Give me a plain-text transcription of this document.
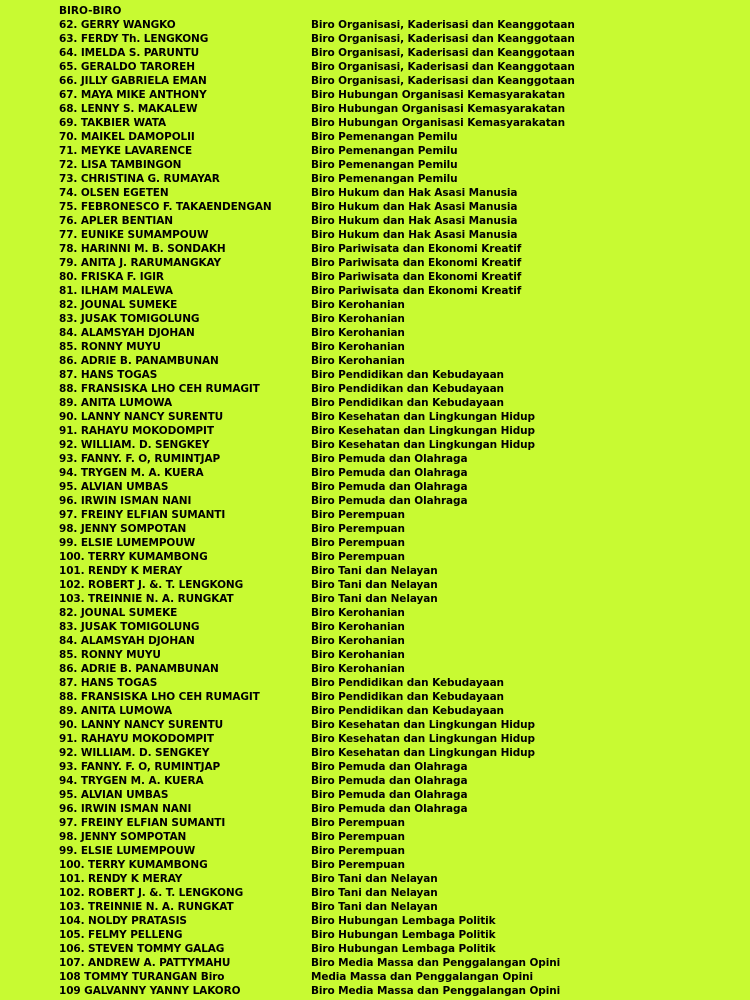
BIRO-BIRO
62. GERRY WANGKO	Biro Organisasi, Kaderisasi dan Keanggotaan
63. FERDY Th. LENGKONG	Biro Organisasi, Kaderisasi dan Keanggotaan
64. IMELDA S. PARUNTU	Biro Organisasi, Kaderisasi dan Keanggotaan
65. GERALDO TAROREH	Biro Organisasi, Kaderisasi dan Keanggotaan
66. JILLY GABRIELA EMAN	Biro Organisasi, Kaderisasi dan Keanggotaan
67. MAYA MIKE ANTHONY	Biro Hubungan Organisasi Kemasyarakatan
68. LENNY S. MAKALEW	Biro Hubungan Organisasi Kemasyarakatan
69. TAKBIER WATA	Biro Hubungan Organisasi Kemasyarakatan
70. MAIKEL DAMOPOLII	Biro Pemenangan Pemilu
71. MEYKE LAVARENCE	Biro Pemenangan Pemilu
72. LISA TAMBINGON	Biro Pemenangan Pemilu
73. CHRISTINA G. RUMAYAR	Biro Pemenangan Pemilu
74. OLSEN EGETEN	Biro Hukum dan Hak Asasi Manusia
75. FEBRONESCO F. TAKAENDENGAN	Biro Hukum dan Hak Asasi Manusia
76. APLER BENTIAN	Biro Hukum dan Hak Asasi Manusia
77. EUNIKE SUMAMPOUW	Biro Hukum dan Hak Asasi Manusia
78. HARINNI M. B. SONDAKH	Biro Pariwisata dan Ekonomi Kreatif
79. ANITA J. RARUMANGKAY	Biro Pariwisata dan Ekonomi Kreatif
80. FRISKA F. IGIR	Biro Pariwisata dan Ekonomi Kreatif
81. ILHAM MALEWA	Biro Pariwisata dan Ekonomi Kreatif
82. JOUNAL SUMEKE	Biro Kerohanian
83. JUSAK TOMIGOLUNG	Biro Kerohanian
84. ALAMSYAH DJOHAN	Biro Kerohanian
85. RONNY MUYU	Biro Kerohanian
86. ADRIE B. PANAMBUNAN	Biro Kerohanian
87. HANS TOGAS	Biro Pendidikan dan Kebudayaan
88. FRANSISKA LHO CEH RUMAGIT	Biro Pendidikan dan Kebudayaan
89. ANITA LUMOWA	Biro Pendidikan dan Kebudayaan
90. LANNY NANCY SURENTU	Biro Kesehatan dan Lingkungan Hidup
91. RAHAYU MOKODOMPIT	Biro Kesehatan dan Lingkungan Hidup
92. WILLIAM. D. SENGKEY	Biro Kesehatan dan Lingkungan Hidup
93. FANNY. F. O, RUMINTJAP	Biro Pemuda dan Olahraga
94. TRYGEN M. A. KUERA	Biro Pemuda dan Olahraga
95. ALVIAN UMBAS	Biro Pemuda dan Olahraga
96. IRWIN ISMAN NANI	Biro Pemuda dan Olahraga
97. FREINY ELFIAN SUMANTI	Biro Perempuan
98. JENNY SOMPOTAN	Biro Perempuan
99. ELSIE LUMEMPOUW	Biro Perempuan
100. TERRY KUMAMBONG	Biro Perempuan
101. RENDY K MERAY	Biro Tani dan Nelayan
102. ROBERT J. &. T. LENGKONG	Biro Tani dan Nelayan
103. TREINNIE N. A. RUNGKAT	Biro Tani dan Nelayan
82. JOUNAL SUMEKE	Biro Kerohanian
83. JUSAK TOMIGOLUNG	Biro Kerohanian
84. ALAMSYAH DJOHAN	Biro Kerohanian
85. RONNY MUYU	Biro Kerohanian
86. ADRIE B. PANAMBUNAN	Biro Kerohanian
87. HANS TOGAS	Biro Pendidikan dan Kebudayaan
88. FRANSISKA LHO CEH RUMAGIT	Biro Pendidikan dan Kebudayaan
89. ANITA LUMOWA	Biro Pendidikan dan Kebudayaan
90. LANNY NANCY SURENTU	Biro Kesehatan dan Lingkungan Hidup
91. RAHAYU MOKODOMPIT	Biro Kesehatan dan Lingkungan Hidup
92. WILLIAM. D. SENGKEY	Biro Kesehatan dan Lingkungan Hidup
93. FANNY. F. O, RUMINTJAP	Biro Pemuda dan Olahraga
94. TRYGEN M. A. KUERA	Biro Pemuda dan Olahraga
95. ALVIAN UMBAS	Biro Pemuda dan Olahraga
96. IRWIN ISMAN NANI	Biro Pemuda dan Olahraga
97. FREINY ELFIAN SUMANTI	Biro Perempuan
98. JENNY SOMPOTAN	Biro Perempuan
99. ELSIE LUMEMPOUW	Biro Perempuan
100. TERRY KUMAMBONG	Biro Perempuan
101. RENDY K MERAY	Biro Tani dan Nelayan
102. ROBERT J. &. T. LENGKONG	Biro Tani dan Nelayan
103. TREINNIE N. A. RUNGKAT	Biro Tani dan Nelayan
104. NOLDY PRATASIS	Biro Hubungan Lembaga Politik
105. FELMY PELLENG	Biro Hubungan Lembaga Politik
106. STEVEN TOMMY GALAG	Biro Hubungan Lembaga Politik
107. ANDREW A. PATTYMAHU	Biro Media Massa dan Penggalangan Opini
108 TOMMY TURANGAN Biro	Media Massa dan Penggalangan Opini
109 GALVANNY YANNY LAKORO	Biro Media Massa dan Penggalangan Opini
